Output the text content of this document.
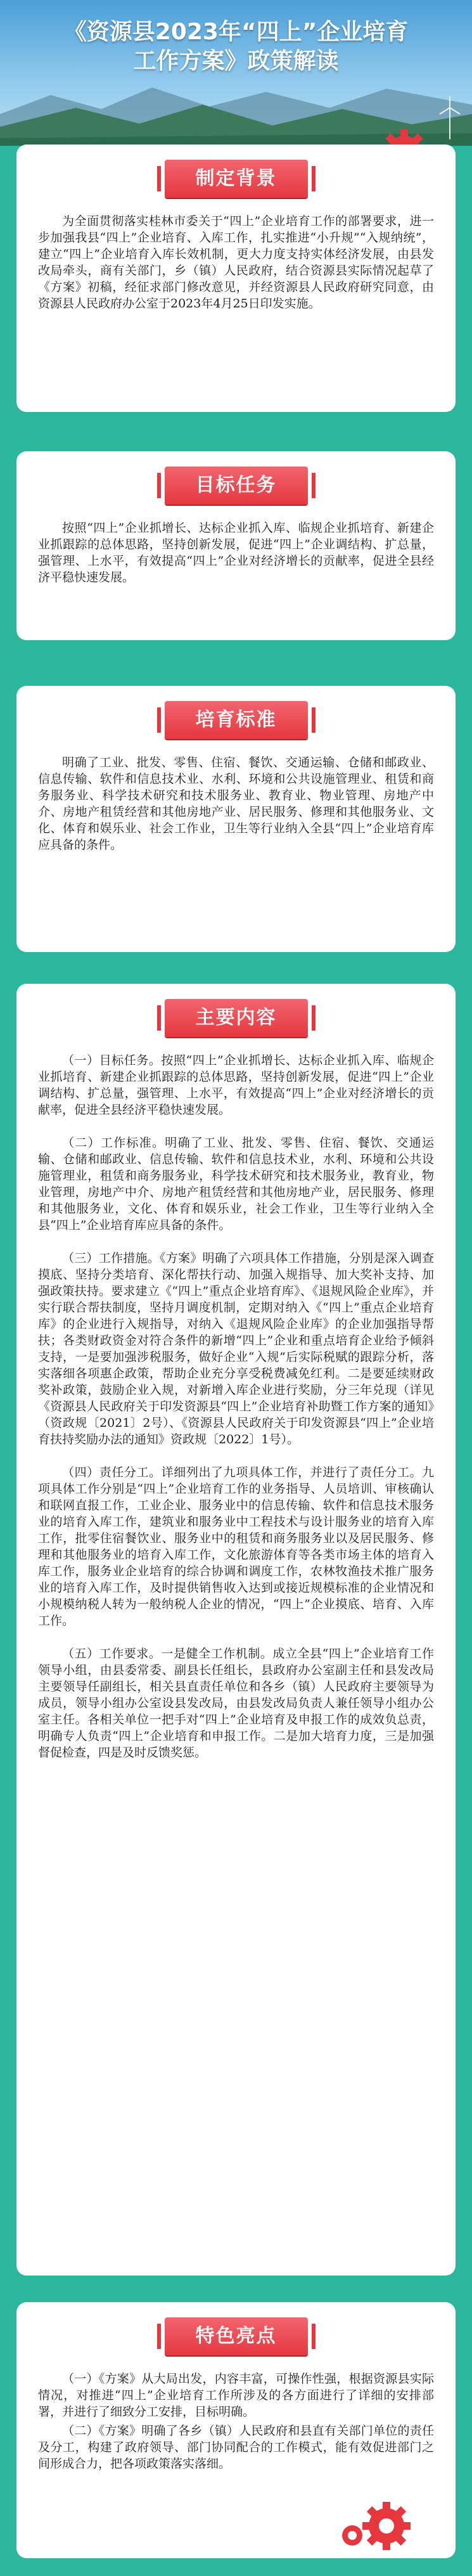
《资源县2023年“四上”企业培育
工作方案》政策解读
制定背景

为全面贯彻落实桂林市委关于“四上”企业培育工作的部署要求，进一步加强我县“四上”企业培育、入库工作，扎实推进“小升规”“入规纳统”，建立“四上”企业培育入库长效机制，更大力度支持实体经济发展，由县发改局牵头，商有关部门，乡（镇）人民政府，结合资源县实际情况起草了《方案》初稿，经征求部门修改意见，并经资源县人民政府研究同意，由资源县人民政府办公室于2023年4月25日印发实施。

目标任务

按照“四上”企业抓增长、达标企业抓入库、临规企业抓培育、新建企业抓跟踪的总体思路，坚持创新发展，促进“四上”企业调结构、扩总量，强管理、上水平，有效提高“四上”企业对经济增长的贡献率，促进全县经济平稳快速发展。

培育标准

明确了工业、批发、零售、住宿、餐饮、交通运输、仓储和邮政业、信息传输、软件和信息技术业、水利、环境和公共设施管理业、租赁和商务服务业、科学技术研究和技术服务业、教育业、物业管理、房地产中介、房地产租赁经营和其他房地产业、居民服务、修理和其他服务业、文化、体育和娱乐业、社会工作业，卫生等行业纳入全县“四上”企业培育库应具备的条件。

主要内容

（一）目标任务。按照“四上”企业抓增长、达标企业抓入库、临规企业抓培育、新建企业抓跟踪的总体思路，坚持创新发展，促进“四上”企业调结构、扩总量，强管理、上水平，有效提高“四上”企业对经济增长的贡献率，促进全县经济平稳快速发展。

（二）工作标准。明确了工业、批发、零售、住宿、餐饮、交通运输、仓储和邮政业、信息传输、软件和信息技术业，水利、环境和公共设施管理业，租赁和商务服务业，科学技术研究和技术服务业，教育业，物业管理，房地产中介、房地产租赁经营和其他房地产业，居民服务、修理和其他服务业，文化、体育和娱乐业，社会工作业，卫生等行业纳入全县“四上”企业培育库应具备的条件。

（三）工作措施。《方案》明确了六项具体工作措施，分别是深入调查摸底、坚持分类培育、深化帮扶行动、加强入规指导、加大奖补支持、加强政策扶持。要求建立《“四上”重点企业培育库》、《退规风险企业库》，并实行联合帮扶制度，坚持月调度机制，定期对纳入《“四上”重点企业培育库》的企业进行入规指导，对纳入《退规风险企业库》的企业加强指导帮扶；各类财政资金对符合条件的新增“四上”企业和重点培育企业给予倾斜支持，一是要加强涉税服务，做好企业“入规”后实际税赋的跟踪分析，落实落细各项惠企政策，帮助企业充分享受税费减免红利。二是要延续财政奖补政策，鼓励企业入规，对新增入库企业进行奖励，分三年兑现（详见《资源县人民政府关于印发资源县“四上”企业培育补助暨工作方案的通知》（资政规〔2021〕2号）、《资源县人民政府关于印发资源县“四上”企业培育扶持奖励办法的通知》资政规〔2022〕1号）。

（四）责任分工。详细列出了九项具体工作，并进行了责任分工。九项具体工作分别是“四上”企业培育工作的业务指导、人员培训、审核确认和联网直报工作，工业企业、服务业中的信息传输、软件和信息技术服务业的培育入库工作，建筑业和服务业中工程技术与设计服务业的培育入库工作，批零住宿餐饮业、服务业中的租赁和商务服务业以及居民服务、修理和其他服务业的培育入库工作，文化旅游体育等各类市场主体的培育入库工作，服务业企业培育的综合协调和调度工作，农林牧渔技术推广服务业的培育入库工作，及时提供销售收入达到或接近规模标准的企业情况和小规模纳税人转为一般纳税人企业的情况，“四上”企业摸底、培育、入库工作。

（五）工作要求。一是健全工作机制。成立全县“四上”企业培育工作领导小组，由县委常委、副县长任组长，县政府办公室副主任和县发改局主要领导任副组长，相关县直责任单位和各乡（镇）人民政府主要领导为成员，领导小组办公室设县发改局，由县发改局负责人兼任领导小组办公室主任。各相关单位一把手对“四上”企业培育及申报工作的成效负总责，明确专人负责“四上”企业培育和申报工作。二是加大培育力度，三是加强督促检查，四是及时反馈奖惩。

特色亮点

（一）《方案》从大局出发，内容丰富，可操作性强，根据资源县实际情况，对推进“四上”企业培育工作所涉及的各方面进行了详细的安排部署，并进行了细致分工安排，目标明确。

（二）《方案》明确了各乡（镇）人民政府和县直有关部门单位的责任及分工，构建了政府领导、部门协同配合的工作模式，能有效促进部门之间形成合力，把各项政策落实落细。
